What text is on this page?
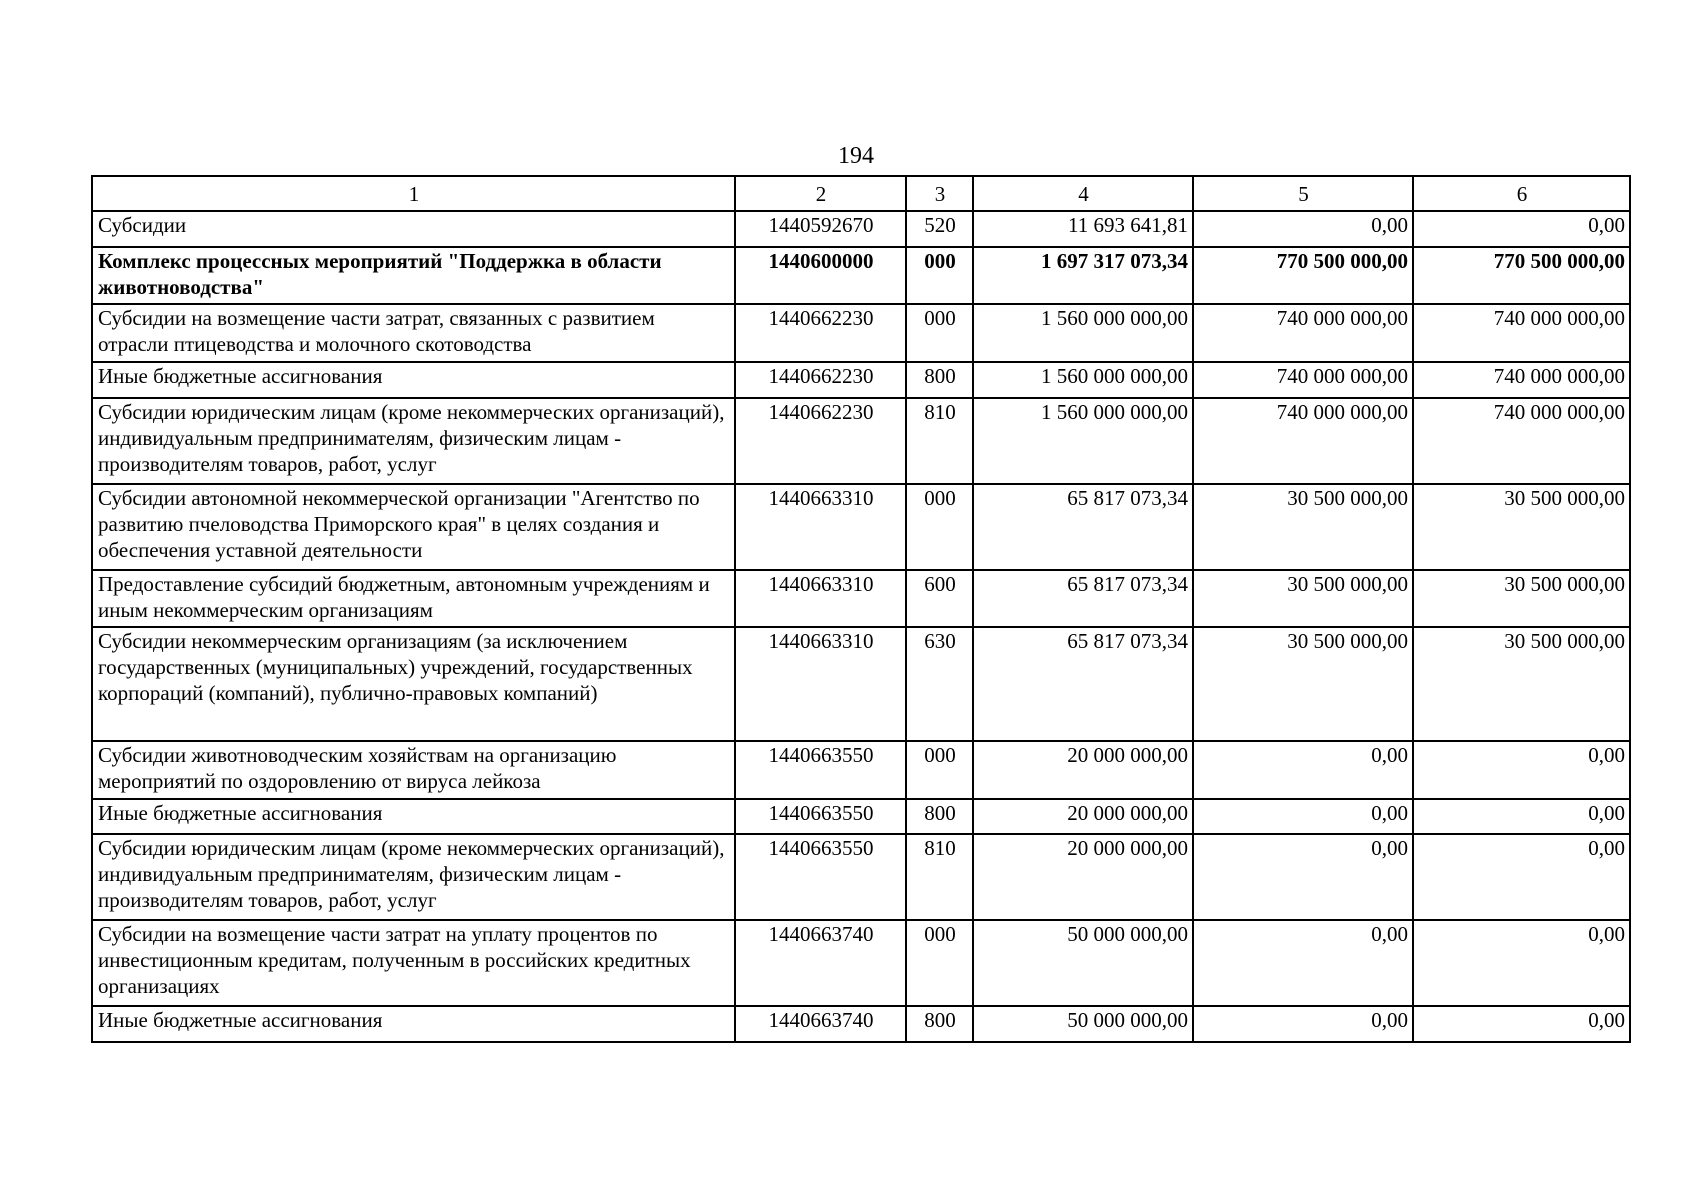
194
1	2	3	4	5	6
Субсидии	1440592670	520	11 693 641,81	0,00	0,00
Комплекс процессных мероприятий "Поддержка в области животноводства"	1440600000	000	1 697 317 073,34	770 500 000,00	770 500 000,00
Субсидии на возмещение части затрат, связанных с развитием отрасли птицеводства и молочного скотоводства	1440662230	000	1 560 000 000,00	740 000 000,00	740 000 000,00
Иные бюджетные ассигнования	1440662230	800	1 560 000 000,00	740 000 000,00	740 000 000,00
Субсидии юридическим лицам (кроме некоммерческих организаций), индивидуальным предпринимателям, физическим лицам - производителям товаров, работ, услуг	1440662230	810	1 560 000 000,00	740 000 000,00	740 000 000,00
Субсидии автономной некоммерческой организации "Агентство по развитию пчеловодства Приморского края" в целях создания и обеспечения уставной деятельности	1440663310	000	65 817 073,34	30 500 000,00	30 500 000,00
Предоставление субсидий бюджетным, автономным учреждениям и иным некоммерческим организациям	1440663310	600	65 817 073,34	30 500 000,00	30 500 000,00
Субсидии некоммерческим организациям (за исключением государственных (муниципальных) учреждений, государственных корпораций (компаний), публично-правовых компаний)	1440663310	630	65 817 073,34	30 500 000,00	30 500 000,00
Субсидии животноводческим хозяйствам на организацию мероприятий по оздоровлению от вируса лейкоза	1440663550	000	20 000 000,00	0,00	0,00
Иные бюджетные ассигнования	1440663550	800	20 000 000,00	0,00	0,00
Субсидии юридическим лицам (кроме некоммерческих организаций), индивидуальным предпринимателям, физическим лицам - производителям товаров, работ, услуг	1440663550	810	20 000 000,00	0,00	0,00
Субсидии на возмещение части затрат на уплату процентов по инвестиционным кредитам, полученным в российских кредитных организациях	1440663740	000	50 000 000,00	0,00	0,00
Иные бюджетные ассигнования	1440663740	800	50 000 000,00	0,00	0,00
